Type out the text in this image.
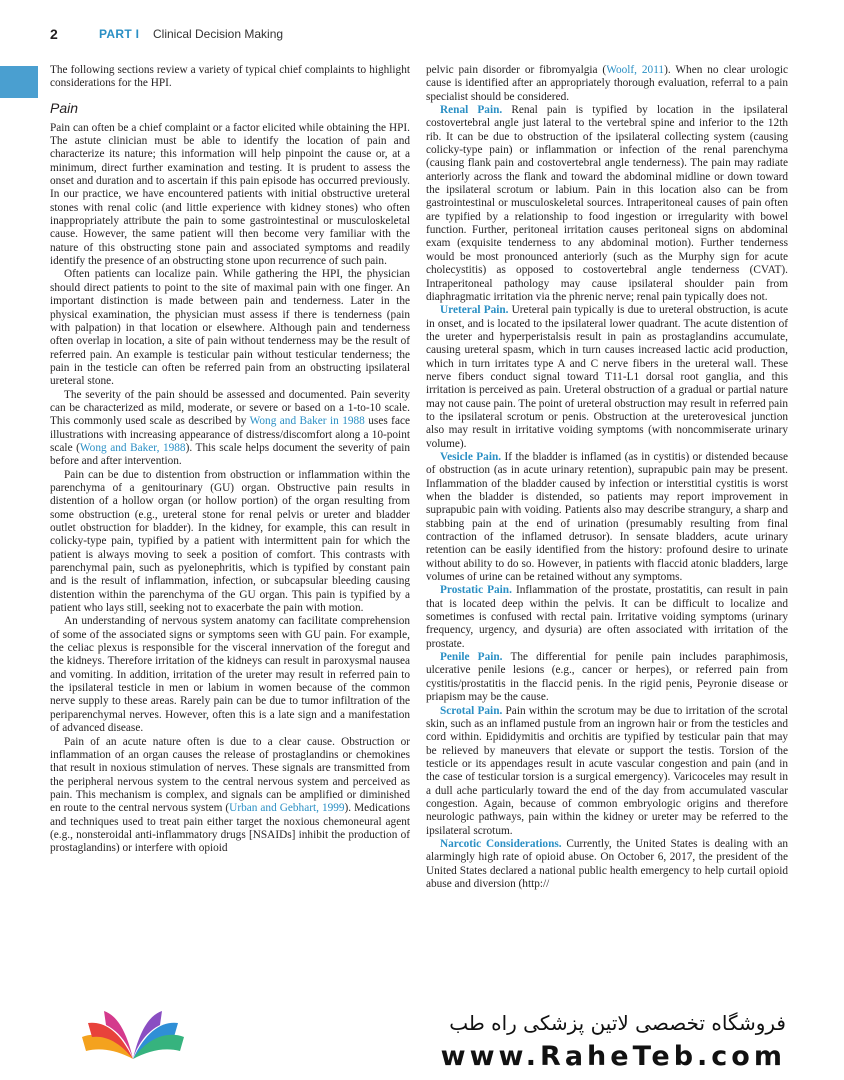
2	PART I Clinical Decision Making

The following sections review a variety of typical chief complaints to highlight considerations for the HPI.

Pain

Pain can often be a chief complaint or a factor elicited while obtaining the HPI. The astute clinician must be able to identify the location of pain and characterize its nature; this information will help pinpoint the cause or, at a minimum, direct further examination and testing. It is prudent to assess the onset and duration and to ascertain if this pain episode has occurred previously. In our practice, we have encountered patients with initial obstructive ureteral stones with renal colic (and little experience with kidney stones) who often inappropriately attribute the pain to some gastrointestinal or musculoskeletal cause. However, the same patient will then become very familiar with the nature of this obstructing stone pain and associated symptoms and readily identify the presence of an obstructing stone upon recurrence of such pain.

Often patients can localize pain. While gathering the HPI, the physician should direct patients to point to the site of maximal pain with one finger. An important distinction is made between pain and tenderness. Later in the physical examination, the physician must assess if there is tenderness (pain with palpation) in that location or elsewhere. Although pain and tenderness often overlap in location, a site of pain without tenderness may be the result of referred pain. An example is testicular pain without testicular tenderness; the pain in the testicle can often be referred pain from an obstructing ipsilateral ureteral stone.

The severity of the pain should be assessed and documented. Pain severity can be characterized as mild, moderate, or severe or based on a 1-to-10 scale. This commonly used scale as described by Wong and Baker in 1988 uses face illustrations with increasing appearance of distress/discomfort along a 10-point scale (Wong and Baker, 1988). This scale helps document the severity of pain before and after intervention.

Pain can be due to distention from obstruction or inflammation within the parenchyma of a genitourinary (GU) organ. Obstructive pain results in distention of a hollow organ (or hollow portion) of the organ resulting from some obstruction (e.g., ureteral stone for renal pelvis or ureter and bladder outlet obstruction for bladder). In the kidney, for example, this can result in colicky-type pain, typified by a patient with intermittent pain for which the patient is always moving to seek a position of comfort. This contrasts with parenchymal pain, such as pyelonephritis, which is typified by constant pain and is the result of inflammation, infection, or subcapsular bleeding causing distention within the parenchyma of the GU organ. This pain is typified by a patient who lays still, seeking not to exacerbate the pain with motion.

An understanding of nervous system anatomy can facilitate comprehension of some of the associated signs or symptoms seen with GU pain. For example, the celiac plexus is responsible for the visceral innervation of the foregut and the kidneys. Therefore irritation of the kidneys can result in paroxysmal nausea and vomiting. In addition, irritation of the ureter may result in referred pain to the ipsilateral testicle in men or labium in women because of the common nerve supply to these areas. Rarely pain can be due to tumor infiltration of the periparenchymal nerves. However, often this is a late sign and a manifestation of advanced disease.

Pain of an acute nature often is due to a clear cause. Obstruction or inflammation of an organ causes the release of prostaglandins or chemokines that result in noxious stimulation of nerves. These signals are transmitted from the peripheral nervous system to the central nervous system and perceived as pain. This mechanism is complex, and signals can be amplified or diminished en route to the central nervous system (Urban and Gebhart, 1999). Medications and techniques used to treat pain either target the noxious chemoneural agent (e.g., nonsteroidal anti-inflammatory drugs [NSAIDs] inhibit the production of prostaglandins) or interfere with opioid

pelvic pain disorder or fibromyalgia (Woolf, 2011). When no clear urologic cause is identified after an appropriately thorough evaluation, referral to a pain specialist should be considered.

Renal Pain. Renal pain is typified by location in the ipsilateral costovertebral angle just lateral to the vertebral spine and inferior to the 12th rib. It can be due to obstruction of the ipsilateral collecting system (causing colicky-type pain) or inflammation or infection of the renal parenchyma (causing flank pain and costovertebral angle tenderness). The pain may radiate anteriorly across the flank and toward the abdominal midline or down toward the ipsilateral scrotum or labium. Pain in this location also can be from gastrointestinal or musculoskeletal sources. Intraperitoneal causes of pain often are typified by a relationship to food ingestion or irregularity with bowel function. Further, peritoneal irritation causes peritoneal signs on abdominal exam (exquisite tenderness to any abdominal motion). Further tenderness would be most pronounced anteriorly (such as the Murphy sign for acute cholecystitis) as opposed to costovertebral angle tenderness (CVAT). Intraperitoneal pathology may cause ipsilateral shoulder pain from diaphragmatic irritation via the phrenic nerve; renal pain typically does not.

Ureteral Pain. Ureteral pain typically is due to ureteral obstruction, is acute in onset, and is located to the ipsilateral lower quadrant. The acute distention of the ureter and hyperperistalsis result in pain as prostaglandins accumulate, causing ureteral spasm, which in turn causes increased lactic acid production, which in turn irritates type A and C nerve fibers in the ureteral wall. These nerve fibers conduct signal toward T11-L1 dorsal root ganglia, and this irritation is perceived as pain. Ureteral obstruction of a gradual or partial nature may not cause pain. The point of ureteral obstruction may result in referred pain to the ipsilateral scrotum or penis. Obstruction at the ureterovesical junction also may result in irritative voiding symptoms (with noncommiserate urinary volume).

Vesicle Pain. If the bladder is inflamed (as in cystitis) or distended because of obstruction (as in acute urinary retention), suprapubic pain may be present. Inflammation of the bladder caused by infection or interstitial cystitis is worst when the bladder is distended, so patients may report improvement in suprapubic pain with voiding. Patients also may describe strangury, a sharp and stabbing pain at the end of urination (presumably resulting from final contraction of the inflamed detrusor). In sensate bladders, acute urinary retention can be easily identified from the history: profound desire to urinate without ability to do so. However, in patients with flaccid atonic bladders, large volumes of urine can be retained without any symptoms.

Prostatic Pain. Inflammation of the prostate, prostatitis, can result in pain that is located deep within the pelvis. It can be difficult to localize and sometimes is confused with rectal pain. Irritative voiding symptoms (urinary frequency, urgency, and dysuria) are often associated with irritation of the prostate.

Penile Pain. The differential for penile pain includes paraphimosis, ulcerative penile lesions (e.g., cancer or herpes), or referred pain from cystitis/prostatitis in the flaccid penis. In the rigid penis, Peyronie disease or priapism may be the cause.

Scrotal Pain. Pain within the scrotum may be due to irritation of the scrotal skin, such as an inflamed pustule from an ingrown hair or from the testicles and cord within. Epididymitis and orchitis are typified by testicular pain that may be relieved by maneuvers that elevate or support the testis. Torsion of the testicle or its appendages result in acute vascular congestion and pain (and in the case of testicular torsion is a surgical emergency). Varicoceles may result in a dull ache particularly toward the end of the day from accumulated vascular congestion. Again, because of common embryologic origins and therefore neurologic pathways, pain within the kidney or ureter may be referred to the ipsilateral scrotum.

Narcotic Considerations. Currently, the United States is dealing with an alarmingly high rate of opioid abuse. On October 6, 2017, the president of the United States declared a national public health emergency to help curtail opioid abuse and diversion (http://

فروشگاه تخصصی لاتین پزشکی راه طب
www.RaheTeb.com
